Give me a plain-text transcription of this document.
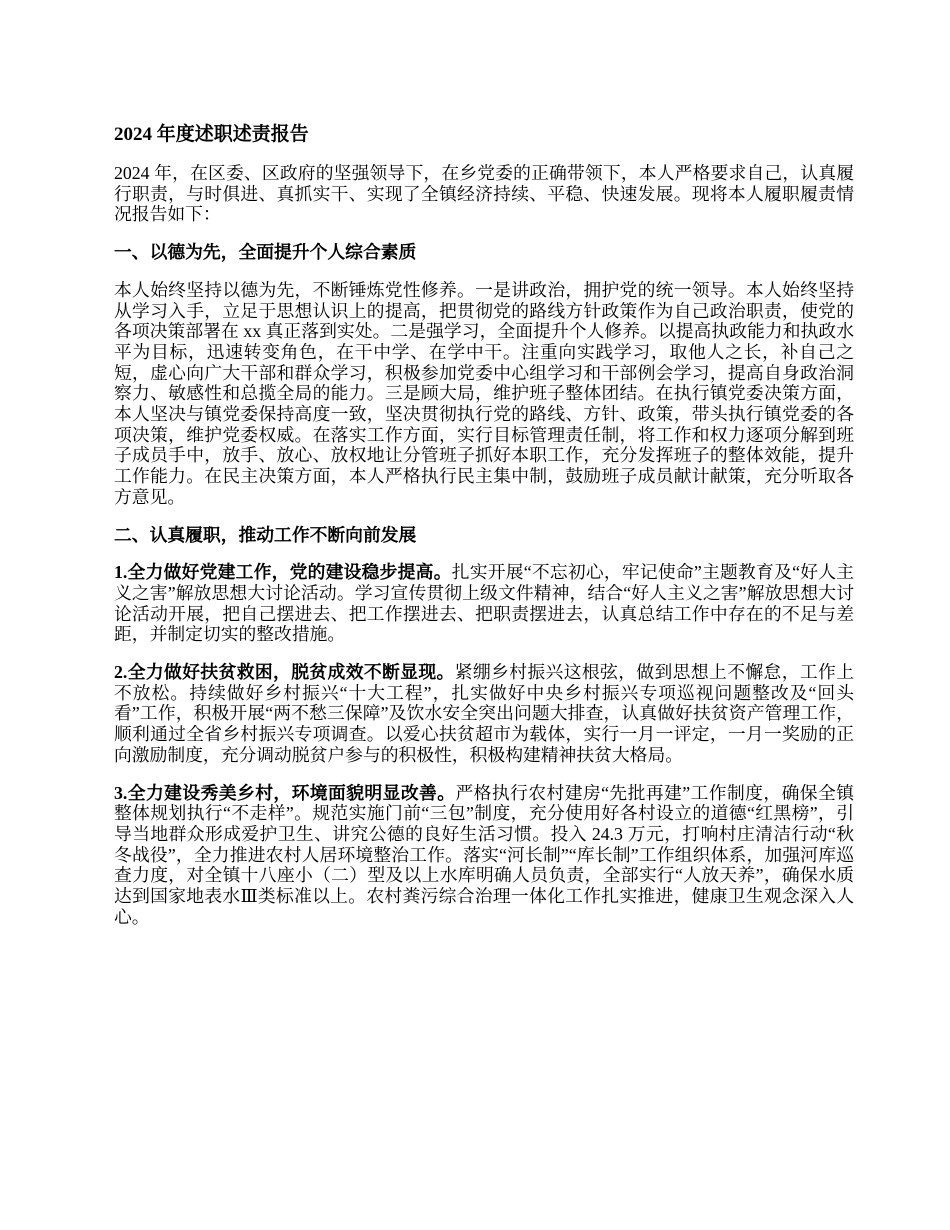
2024 年度述职述责报告

2024 年，在区委、区政府的坚强领导下，在乡党委的正确带领下，本人严格要求自己，认真履行职责，与时俱进、真抓实干、实现了全镇经济持续、平稳、快速发展。现将本人履职履责情况报告如下：

一、以德为先，全面提升个人综合素质

本人始终坚持以德为先，不断锤炼党性修养。一是讲政治，拥护党的统一领导。本人始终坚持从学习入手，立足于思想认识上的提高，把贯彻党的路线方针政策作为自己政治职责，使党的各项决策部署在 xx 真正落到实处。二是强学习，全面提升个人修养。以提高执政能力和执政水平为目标，迅速转变角色，在干中学、在学中干。注重向实践学习，取他人之长，补自己之短，虚心向广大干部和群众学习，积极参加党委中心组学习和干部例会学习，提高自身政治洞察力、敏感性和总揽全局的能力。三是顾大局，维护班子整体团结。在执行镇党委决策方面，本人坚决与镇党委保持高度一致，坚决贯彻执行党的路线、方针、政策，带头执行镇党委的各项决策，维护党委权威。在落实工作方面，实行目标管理责任制，将工作和权力逐项分解到班子成员手中，放手、放心、放权地让分管班子抓好本职工作，充分发挥班子的整体效能，提升工作能力。在民主决策方面，本人严格执行民主集中制，鼓励班子成员献计献策，充分听取各方意见。

二、认真履职，推动工作不断向前发展

1.全力做好党建工作，党的建设稳步提高。扎实开展“不忘初心，牢记使命”主题教育及“好人主义之害”解放思想大讨论活动。学习宣传贯彻上级文件精神，结合“好人主义之害”解放思想大讨论活动开展，把自己摆进去、把工作摆进去、把职责摆进去，认真总结工作中存在的不足与差距，并制定切实的整改措施。

2.全力做好扶贫救困，脱贫成效不断显现。紧绷乡村振兴这根弦，做到思想上不懈怠，工作上不放松。持续做好乡村振兴“十大工程”，扎实做好中央乡村振兴专项巡视问题整改及“回头看”工作，积极开展“两不愁三保障”及饮水安全突出问题大排查，认真做好扶贫资产管理工作，顺利通过全省乡村振兴专项调查。以爱心扶贫超市为载体，实行一月一评定，一月一奖励的正向激励制度，充分调动脱贫户参与的积极性，积极构建精神扶贫大格局。

3.全力建设秀美乡村，环境面貌明显改善。严格执行农村建房“先批再建”工作制度，确保全镇整体规划执行“不走样”。规范实施门前“三包”制度，充分使用好各村设立的道德“红黑榜”，引导当地群众形成爱护卫生、讲究公德的良好生活习惯。投入 24.3 万元，打响村庄清洁行动“秋冬战役”，全力推进农村人居环境整治工作。落实“河长制”“库长制”工作组织体系，加强河库巡查力度，对全镇十八座小（二）型及以上水库明确人员负责，全部实行“人放天养”，确保水质达到国家地表水Ⅲ类标准以上。农村粪污综合治理一体化工作扎实推进，健康卫生观念深入人心。
